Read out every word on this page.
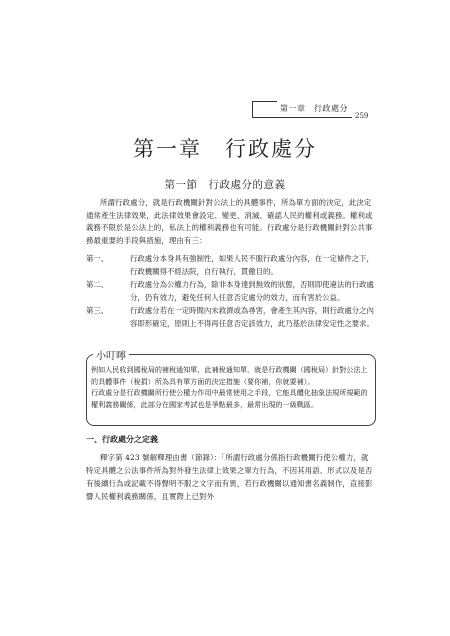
第一章　行政處分
259
第一章　行政處分
第一節　行政處分的意義
所謂行政處分，就是行政機關針對公法上的具體事件，所為單方面的決定，此決定通常產生法律效果，此法律效果會設定、變更、消滅、確認人民的權利或義務。權利或義務不限於是公法上的，私法上的權利義務也有可能。行政處分是行政機關針對公共事務最重要的手段與措施，理由有三：
第一、	行政處分本身具有強制性，如果人民不服行政處分內容，在一定條件之下，行政機關得不經法院，自行執行，貫徹目的。
第二、	行政處分為公權力行為，除非本身達到無效的狀態，否則即使違法的行政處分，仍有效力，避免任何人任意否定處分的效力，而有害於公益。
第三、	行政處分若在一定時間內未救濟或為尋害，會產生其內容，則行政處分之內容即形確定，原則上不得再任意否定該效力，此乃基於法律安定性之要求。
小叮嚀
例如人民收到國稅局的補稅通知單，此補稅通知單，就是行政機關（國稅局）針對公法上的具體事件（稅捐）所為具有單方面的決定措施（要你補，你就要補）。
行政處分是行政機關所行使公權力作用中最常使用之手段，它能具體化抽象法規所規範的權利義務關係，此部分在國家考試也是爭點最多，最常出現的一級戰區。
一、行政處分之定義
釋字第 423 號解釋理由書（節錄）：「所謂行政處分係指行政機關行使公權力，就特定具體之公法事件所為對外發生法律上效果之單方行為，不因其用語、形式以及是否有後續行為或記載不得聲明不服之文字而有異，若行政機關以通知書名義制作，直接影響人民權利義務關係，且實際上已對外
